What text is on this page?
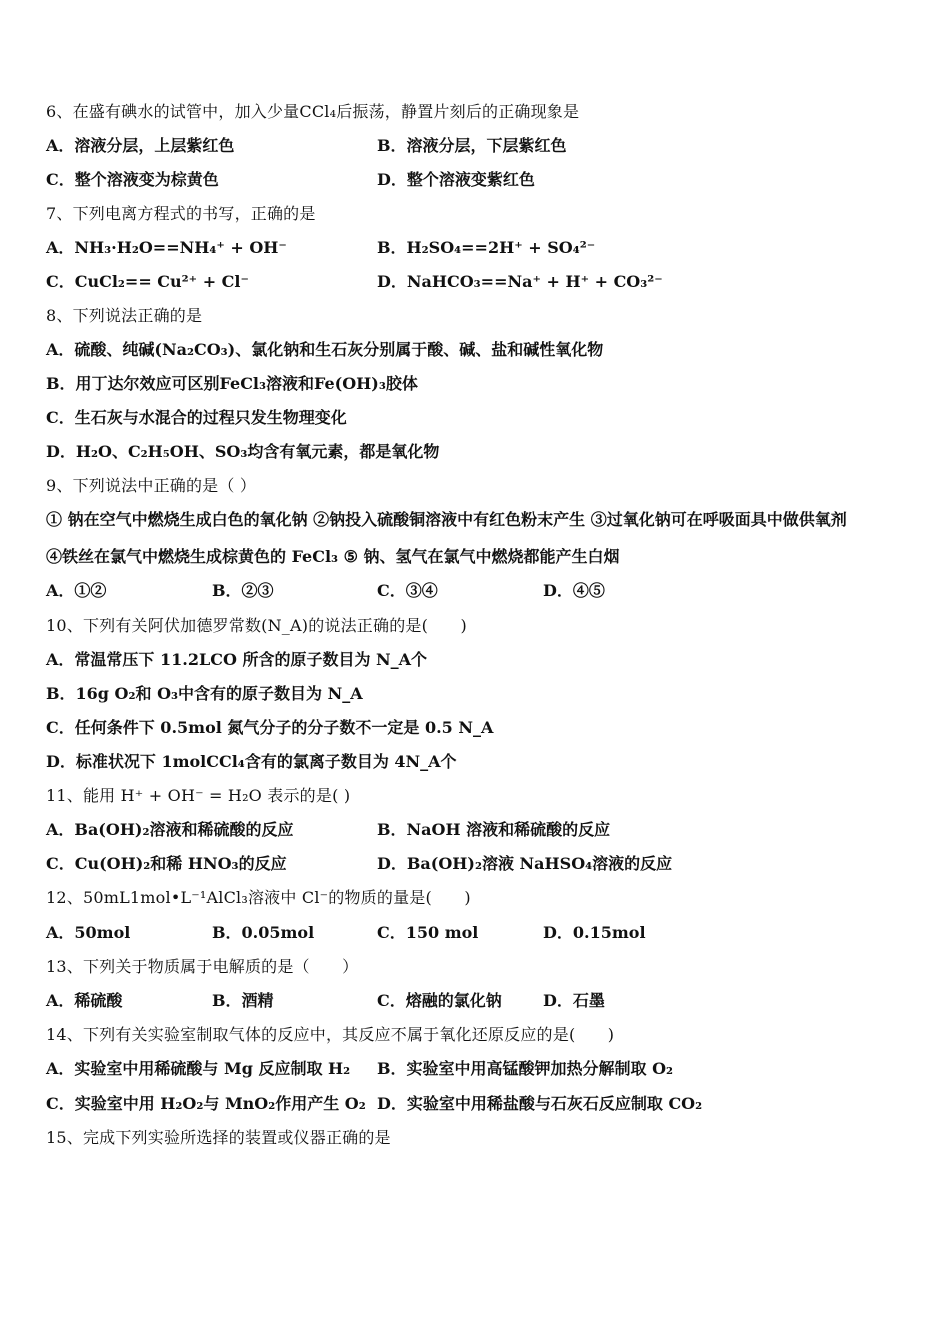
6、在盛有碘水的试管中，加入少量CCl₄后振荡，静置片刻后的正确现象是
A．溶液分层，上层紫红色	B．溶液分层，下层紫红色
C．整个溶液变为棕黄色	D．整个溶液变紫红色
7、下列电离方程式的书写，正确的是
A．NH₃·H₂O==NH₄⁺ + OH⁻	B．H₂SO₄==2H⁺ + SO₄²⁻
C．CuCl₂== Cu²⁺ + Cl⁻	D．NaHCO₃==Na⁺ + H⁺ + CO₃²⁻
8、下列说法正确的是
A．硫酸、纯碱(Na₂CO₃)、氯化钠和生石灰分别属于酸、碱、盐和碱性氧化物
B．用丁达尔效应可区别FeCl₃溶液和Fe(OH)₃胶体
C．生石灰与水混合的过程只发生物理变化
D．H₂O、C₂H₅OH、SO₃均含有氧元素，都是氧化物
9、下列说法中正确的是（ ）
① 钠在空气中燃烧生成白色的氧化钠 ②钠投入硫酸铜溶液中有红色粉末产生 ③过氧化钠可在呼吸面具中做供氧剂
④铁丝在氯气中燃烧生成棕黄色的 FeCl₃ ⑤ 钠、氢气在氯气中燃烧都能产生白烟
A．①②	B．②③	C．③④	D．④⑤
10、下列有关阿伏加德罗常数(N_A)的说法正确的是(　　)
A．常温常压下 11.2LCO 所含的原子数目为 N_A个
B．16g O₂和 O₃中含有的原子数目为 N_A
C．任何条件下 0.5mol 氮气分子的分子数不一定是 0.5 N_A
D．标准状况下 1molCCl₄含有的氯离子数目为 4N_A个
11、能用 H⁺ + OH⁻ = H₂O 表示的是( )
A．Ba(OH)₂溶液和稀硫酸的反应	B．NaOH 溶液和稀硫酸的反应
C．Cu(OH)₂和稀 HNO₃的反应	D．Ba(OH)₂溶液 NaHSO₄溶液的反应
12、50mL1mol•L⁻¹AlCl₃溶液中 Cl⁻的物质的量是(　　)
A．50mol	B．0.05mol	C．150 mol	D．0.15mol
13、下列关于物质属于电解质的是（　　）
A．稀硫酸	B．酒精	C．熔融的氯化钠	D．石墨
14、下列有关实验室制取气体的反应中，其反应不属于氧化还原反应的是(　　)
A．实验室中用稀硫酸与 Mg 反应制取 H₂ B．实验室中用高锰酸钾加热分解制取 O₂
C．实验室中用 H₂O₂与 MnO₂作用产生 O₂ D．实验室中用稀盐酸与石灰石反应制取 CO₂
15、完成下列实验所选择的装置或仪器正确的是
